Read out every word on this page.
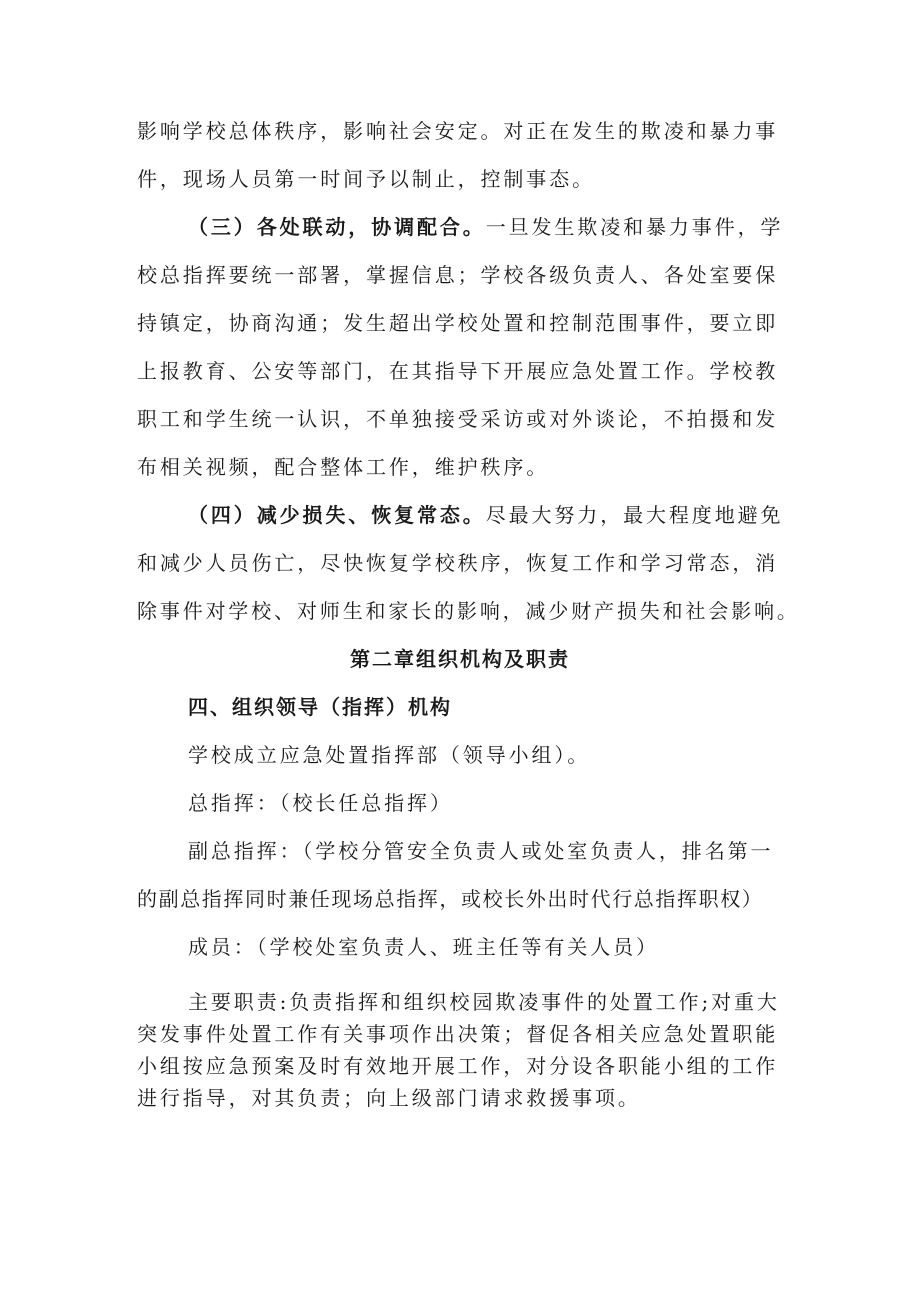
影响学校总体秩序，影响社会安定。对正在发生的欺凌和暴力事
件，现场人员第一时间予以制止，控制事态。
（三）各处联动，协调配合。一旦发生欺凌和暴力事件，学
校总指挥要统一部署，掌握信息；学校各级负责人、各处室要保
持镇定，协商沟通；发生超出学校处置和控制范围事件，要立即
上报教育、公安等部门，在其指导下开展应急处置工作。学校教
职工和学生统一认识，不单独接受采访或对外谈论，不拍摄和发
布相关视频，配合整体工作，维护秩序。
（四）减少损失、恢复常态。尽最大努力，最大程度地避免
和减少人员伤亡，尽快恢复学校秩序，恢复工作和学习常态，消
除事件对学校、对师生和家长的影响，减少财产损失和社会影响。
第二章组织机构及职责
四、组织领导（指挥）机构
学校成立应急处置指挥部（领导小组）。
总指挥：（校长任总指挥）
副总指挥：（学校分管安全负责人或处室负责人，排名第一
的副总指挥同时兼任现场总指挥，或校长外出时代行总指挥职权）
成员：（学校处室负责人、班主任等有关人员）
主要职责:负责指挥和组织校园欺凌事件的处置工作;对重大
突发事件处置工作有关事项作出决策；督促各相关应急处置职能
小组按应急预案及时有效地开展工作，对分设各职能小组的工作
进行指导，对其负责；向上级部门请求救援事项。
